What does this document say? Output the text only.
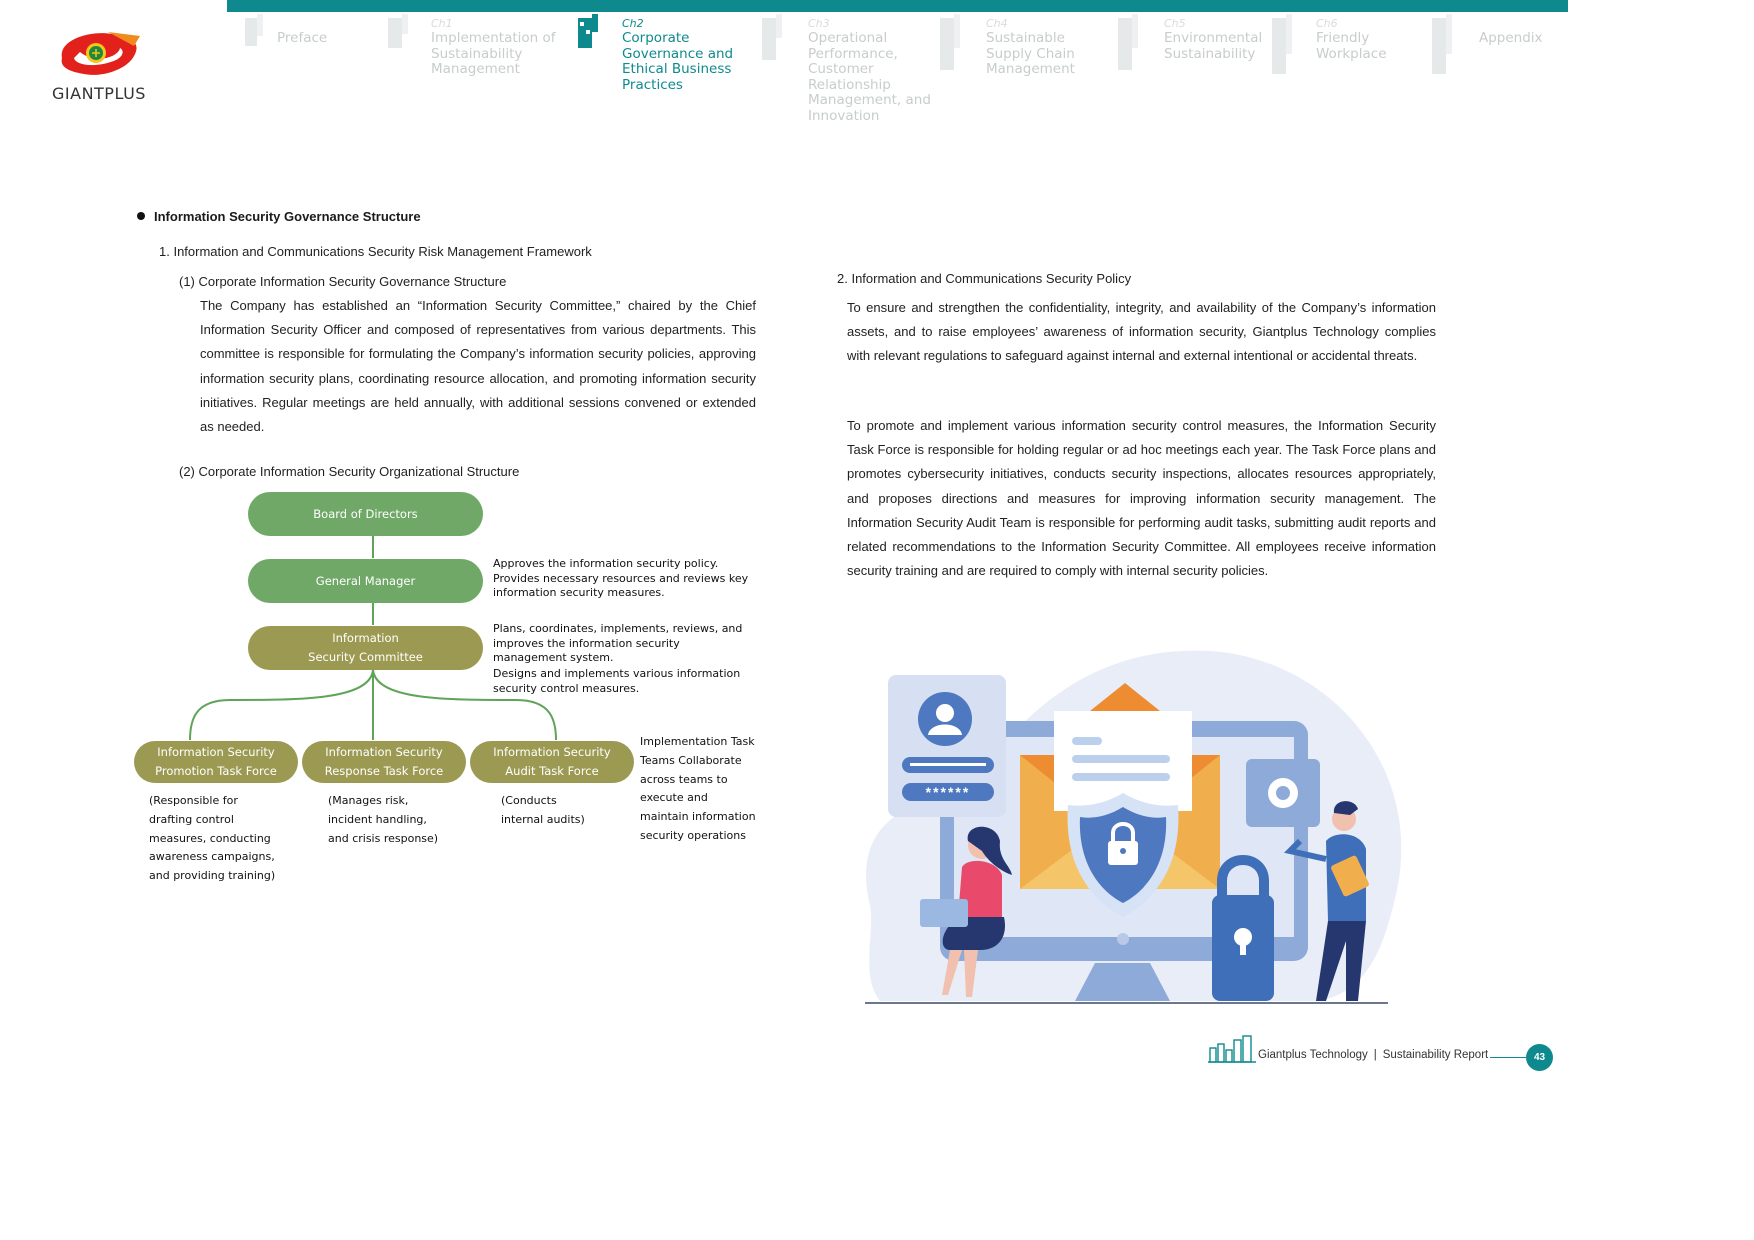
GIANTPLUS
Preface
Ch1
Implementation of Sustainability Management
Ch2
Corporate Governance and Ethical Business Practices
Ch3
Operational Performance, Customer Relationship Management, and Innovation
Ch4
Sustainable Supply Chain Management
Ch5
Environmental Sustainability
Ch6
Friendly Workplace
Appendix
Information Security Governance Structure
1. Information and Communications Security Risk Management Framework
(1) Corporate Information Security Governance Structure
The Company has established an “Information Security Committee,” chaired by the Chief Information Security Officer and composed of representatives from various departments. This committee is responsible for formulating the Company’s information security policies, approving information security plans, coordinating resource allocation, and promoting information security initiatives. Regular meetings are held annually, with additional sessions convened or extended as needed.
(2) Corporate Information Security Organizational Structure
Board of Directors
General Manager
Approves the information security policy. Provides necessary resources and reviews key information security measures.
Information
Security Committee
Plans, coordinates, implements, reviews, and improves the information security management system.
Designs and implements various information security control measures.
Information Security
Promotion Task Force
Information Security
Response Task Force
Information Security
Audit Task Force
Implementation Task Teams Collaborate across teams to execute and maintain information security operations
(Responsible for drafting control measures, conducting awareness campaigns, and providing training)
(Manages risk, incident handling, and crisis response)
(Conducts internal audits)
2. Information and Communications Security Policy
To ensure and strengthen the confidentiality, integrity, and availability of the Company’s information assets, and to raise employees’ awareness of information security, Giantplus Technology complies with relevant regulations to safeguard against internal and external intentional or accidental threats.
To promote and implement various information security control measures, the Information Security Task Force is responsible for holding regular or ad hoc meetings each year. The Task Force plans and promotes cybersecurity initiatives, conducts security inspections, allocates resources appropriately, and proposes directions and measures for improving information security management. The Information Security Audit Team is responsible for performing audit tasks, submitting audit reports and related recommendations to the Information Security Committee. All employees receive information security training and are required to comply with internal security policies.
******
Giantplus Technology | Sustainability Report	43
